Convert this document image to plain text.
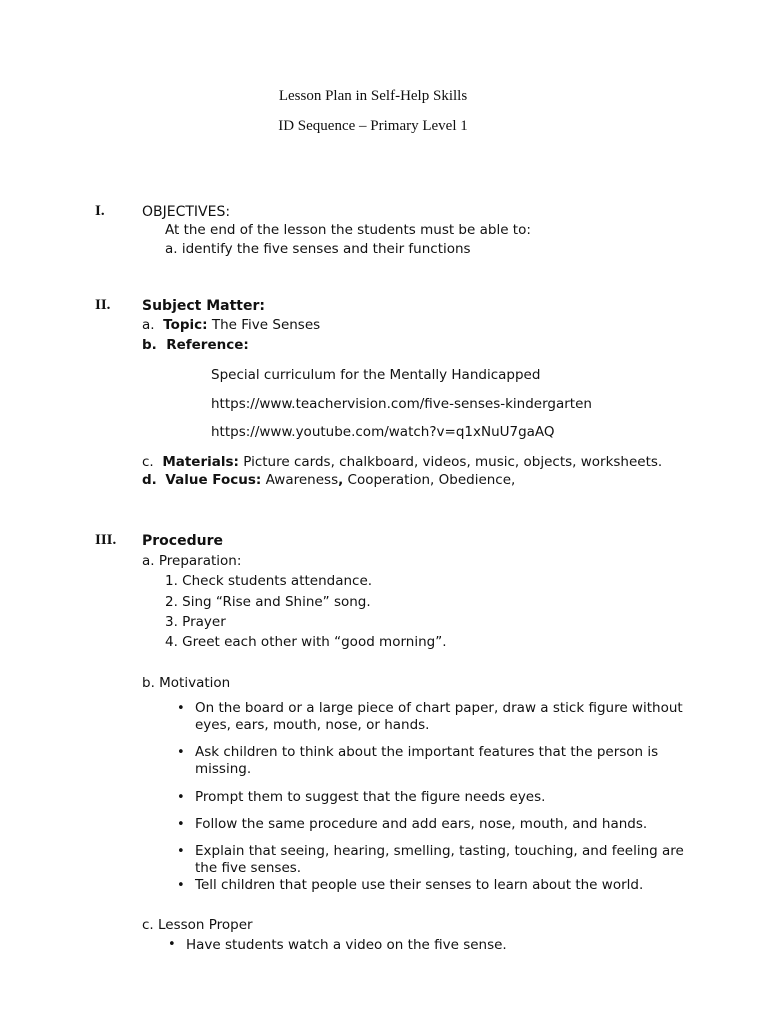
Lesson Plan in Self-Help Skills
ID Sequence – Primary Level 1
I.	OBJECTIVES:
At the end of the lesson the students must be able to:
a. identify the five senses and their functions
II. Subject Matter:
a. Topic: The Five Senses
b. Reference:
Special curriculum for the Mentally Handicapped
https://www.teachervision.com/five-senses-kindergarten
https://www.youtube.com/watch?v=q1xNuU7gaAQ
c. Materials: Picture cards, chalkboard, videos, music, objects, worksheets.
d. Value Focus: Awareness, Cooperation, Obedience,
III. Procedure
a. Preparation:
1. Check students attendance.
2. Sing “Rise and Shine” song.
3. Prayer
4. Greet each other with “good morning”.
b. Motivation
• On the board or a large piece of chart paper, draw a stick figure without eyes, ears, mouth, nose, or hands.
• Ask children to think about the important features that the person is missing.
• Prompt them to suggest that the figure needs eyes.
• Follow the same procedure and add ears, nose, mouth, and hands.
• Explain that seeing, hearing, smelling, tasting, touching, and feeling are the five senses.
• Tell children that people use their senses to learn about the world.
c. Lesson Proper
• Have students watch a video on the five sense.
